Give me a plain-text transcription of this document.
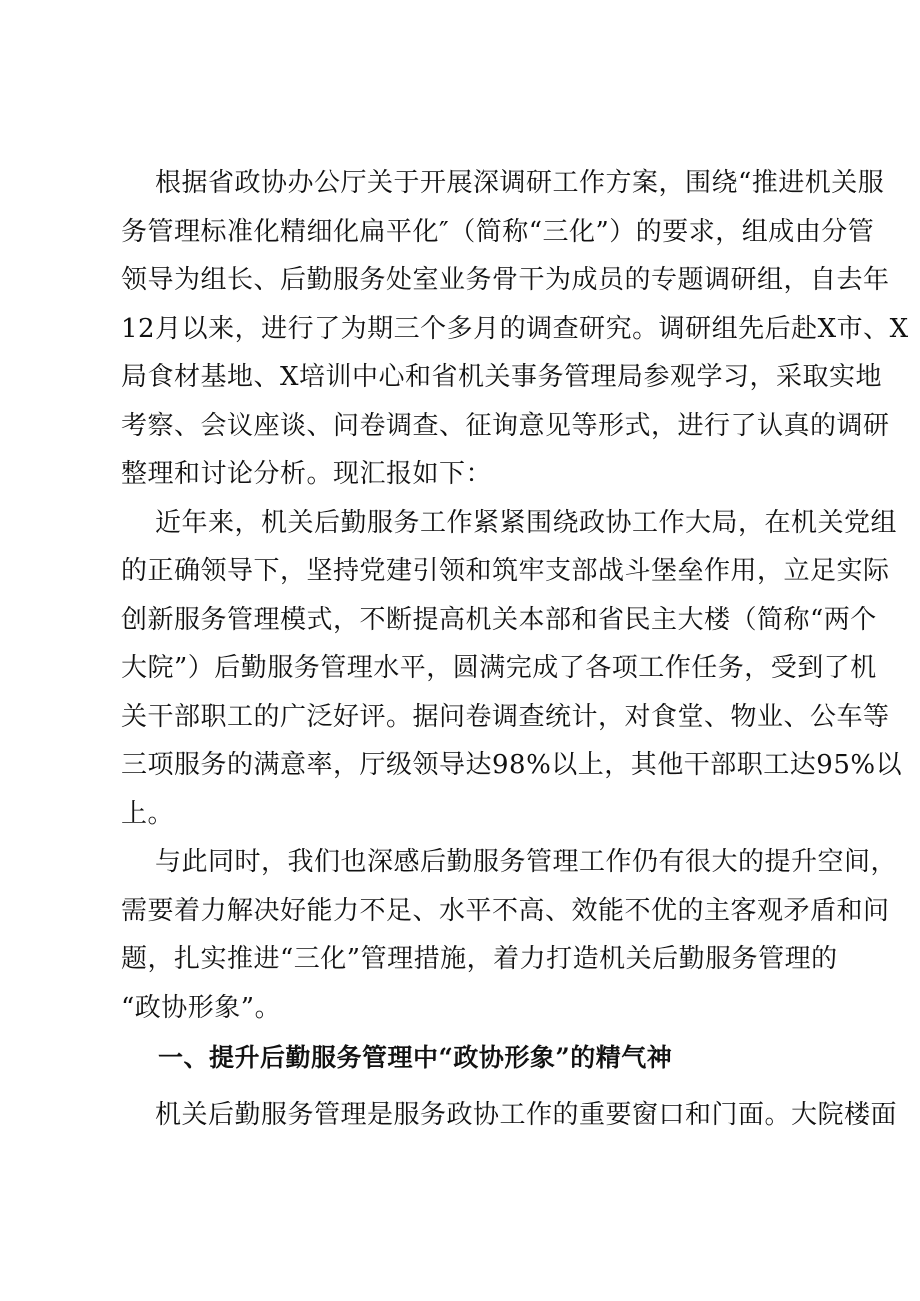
根据省政协办公厅关于开展深调研工作方案，围绕“推进机关服
务管理标准化精细化扁平化″（简称“三化”）的要求，组成由分管
领导为组长、后勤服务处室业务骨干为成员的专题调研组，自去年
12月以来，进行了为期三个多月的调查研究。调研组先后赴X市、X
局食材基地、X培训中心和省机关事务管理局参观学习，采取实地
考察、会议座谈、问卷调查、征询意见等形式，进行了认真的调研
整理和讨论分析。现汇报如下：
近年来，机关后勤服务工作紧紧围绕政协工作大局，在机关党组
的正确领导下，坚持党建引领和筑牢支部战斗堡垒作用，立足实际
创新服务管理模式，不断提高机关本部和省民主大楼（简称“两个
大院”）后勤服务管理水平，圆满完成了各项工作任务，受到了机
关干部职工的广泛好评。据问卷调查统计，对食堂、物业、公车等
三项服务的满意率，厅级领导达98%以上，其他干部职工达95%以
上。
与此同时，我们也深感后勤服务管理工作仍有很大的提升空间，
需要着力解决好能力不足、水平不高、效能不优的主客观矛盾和问
题，扎实推进“三化”管理措施，着力打造机关后勤服务管理的
“政协形象”。
一、提升后勤服务管理中“政协形象”的精气神
机关后勤服务管理是服务政协工作的重要窗口和门面。大院楼面
